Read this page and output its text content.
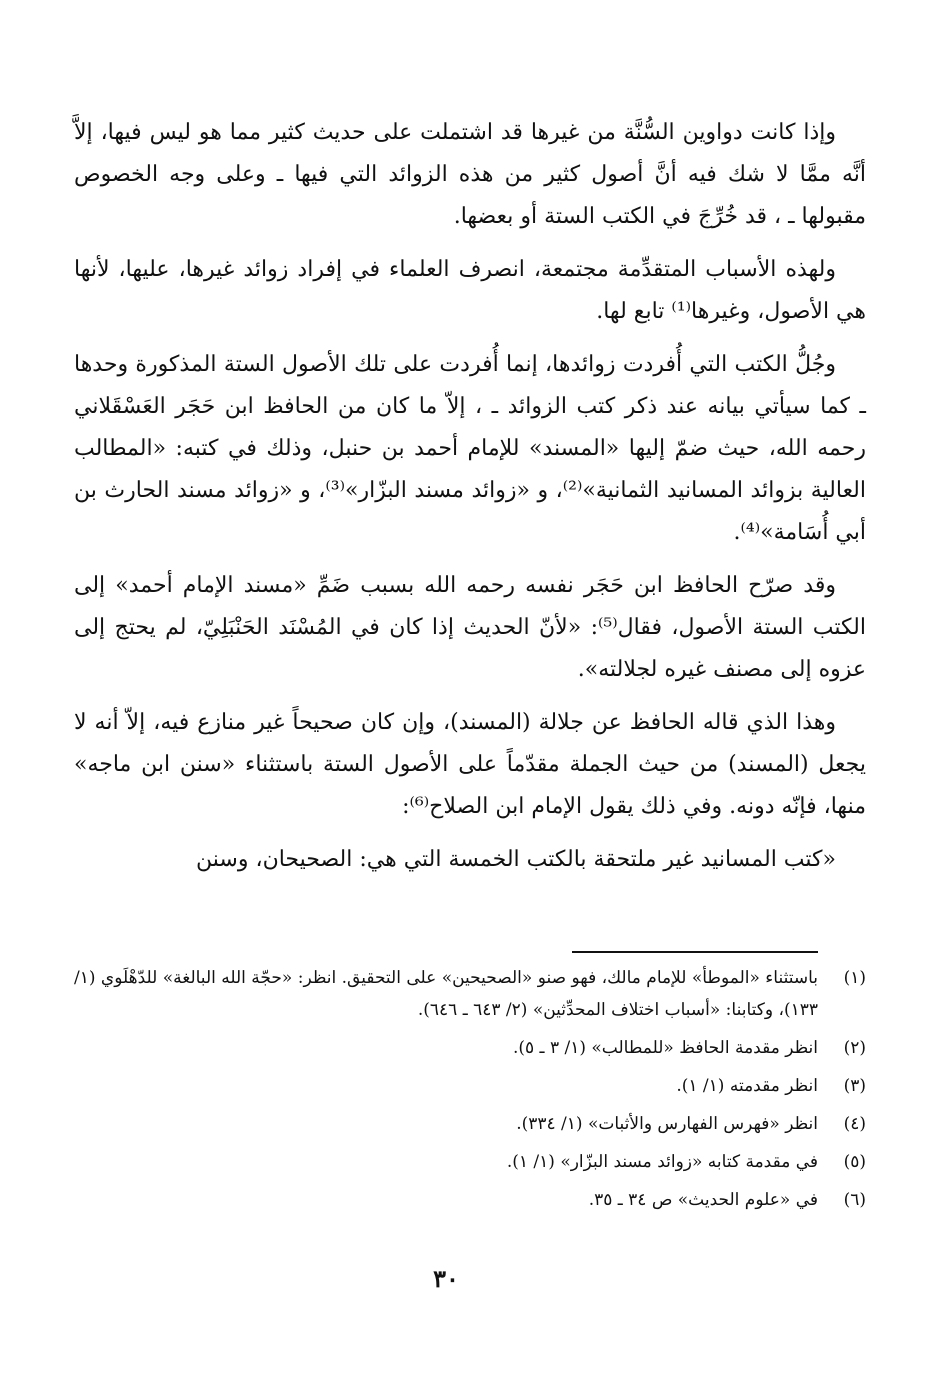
وإذا كانت دواوين السُّنَّة من غيرها قد اشتملت على حديث كثير مما هو ليس فيها، إلاَّ أنَّه ممَّا لا شك فيه أنَّ أصول كثير من هذه الزوائد التي فيها ـ وعلى وجه الخصوص مقبولها ـ ، قد خُرِّجَ في الكتب الستة أو بعضها.

ولهذه الأسباب المتقدِّمة مجتمعة، انصرف العلماء في إفراد زوائد غيرها، عليها، لأنها هي الأصول، وغيرها⁽¹⁾ تابع لها.

وجُلُّ الكتب التي أُفردت زوائدها، إنما أُفردت على تلك الأصول الستة المذكورة وحدها ـ كما سيأتي بيانه عند ذكر كتب الزوائد ـ ، إلاّ ما كان من الحافظ ابن حَجَر العَسْقَلاني رحمه الله، حيث ضمّ إليها «المسند» للإمام أحمد بن حنبل، وذلك في كتبه: «المطالب العالية بزوائد المسانيد الثمانية»⁽²⁾، و «زوائد مسند البزّار»⁽³⁾، و «زوائد مسند الحارث بن أبي أُسَامة»⁽⁴⁾.

وقد صرّح الحافظ ابن حَجَر نفسه رحمه الله بسبب ضَمِّ «مسند الإمام أحمد» إلى الكتب الستة الأصول، فقال⁽⁵⁾: «لأنّ الحديث إذا كان في المُسْنَد الحَنْبَلِيّ، لم يحتج إلى عزوه إلى مصنف غيره لجلالته».

وهذا الذي قاله الحافظ عن جلالة (المسند)، وإن كان صحيحاً غير منازع فيه، إلاّ أنه لا يجعل (المسند) من حيث الجملة مقدّماً على الأصول الستة باستثناء «سنن ابن ماجه» منها، فإنّه دونه. وفي ذلك يقول الإمام ابن الصلاح⁽⁶⁾:

«كتب المسانيد غير ملتحقة بالكتب الخمسة التي هي: الصحيحان، وسنن

(١)
باستثناء «الموطأ» للإمام مالك، فهو صنو «الصحيحين» على التحقيق. انظر: «حجّة الله البالغة» للدّهْلَوي (١/ ١٣٣)، وكتابنا: «أسباب اختلاف المحدِّثين» (٢/ ٦٤٣ ـ ٦٤٦).
(٢)
انظر مقدمة الحافظ «للمطالب» (١/ ٣ ـ ٥).
(٣)
انظر مقدمته (١/ ١).
(٤)
انظر «فهرس الفهارس والأثبات» (١/ ٣٣٤).
(٥)
في مقدمة كتابه «زوائد مسند البزّار» (١/ ١).
(٦)
في «علوم الحديث» ص ٣٤ ـ ٣٥.
٣٠
